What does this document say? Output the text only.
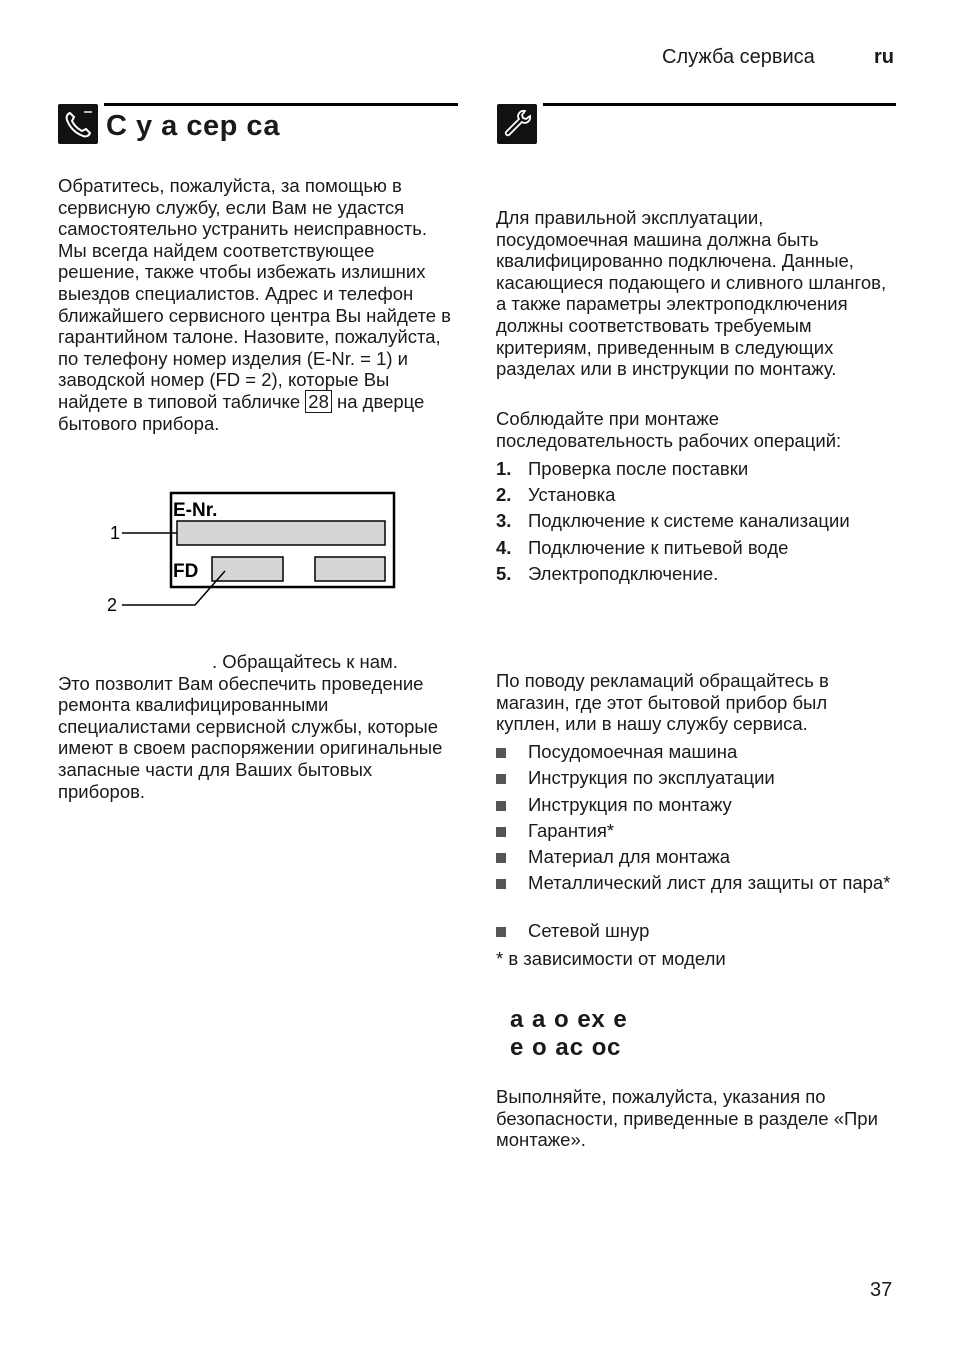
Служба сервиса	ru
С у а сер са

Обратитесь, пожалуйста, за помощью в сервисную службу, если Вам не удастся самостоятельно устранить неисправность. Мы всегда найдем соответствующее решение, также чтобы избежать излишних выездов специалистов. Адрес и телефон ближайшего сервисного центра Вы найдете в гарантийном талоне. Назовите, пожалуйста, по телефону номер изделия (E-Nr. = 1) и заводской номер (FD = 2), которые Вы найдете в типовой табличке 28 на дверце бытового прибора.

E-Nr.
FD
1
2

. Обращайтесь к нам.

Это позволит Вам обеспечить проведение ремонта квалифицированными специалистами сервисной службы, которые имеют в своем распоряжении оригинальные запасные части для Ваших бытовых приборов.

Для правильной эксплуатации, посудомоечная машина должна быть квалифицированно подключена. Данные, касающиеся подающего и сливного шлангов, а также параметры электроподключения должны соответствовать требуемым критериям, приведенным в следующих разделах или в инструкции по монтажу.

Соблюдайте при монтаже последовательность рабочих операций:

1. Проверка после поставки
2. Установка
3. Подключение к системе канализации
4. Подключение к питьевой воде
5. Электроподключение.

По поводу рекламаций обращайтесь в магазин, где этот бытовой прибор был куплен, или в нашу службу сервиса.

Посудомоечная машина
Инструкция по эксплуатации
Инструкция по монтажу
Гарантия*
Материал для монтажа
Металлический лист для защиты от пара*
Сетевой шнур
* в зависимости от модели
а а о ех е
е о ас ос

Выполняйте, пожалуйста, указания по безопасности, приведенные в разделе «При монтаже».

37
